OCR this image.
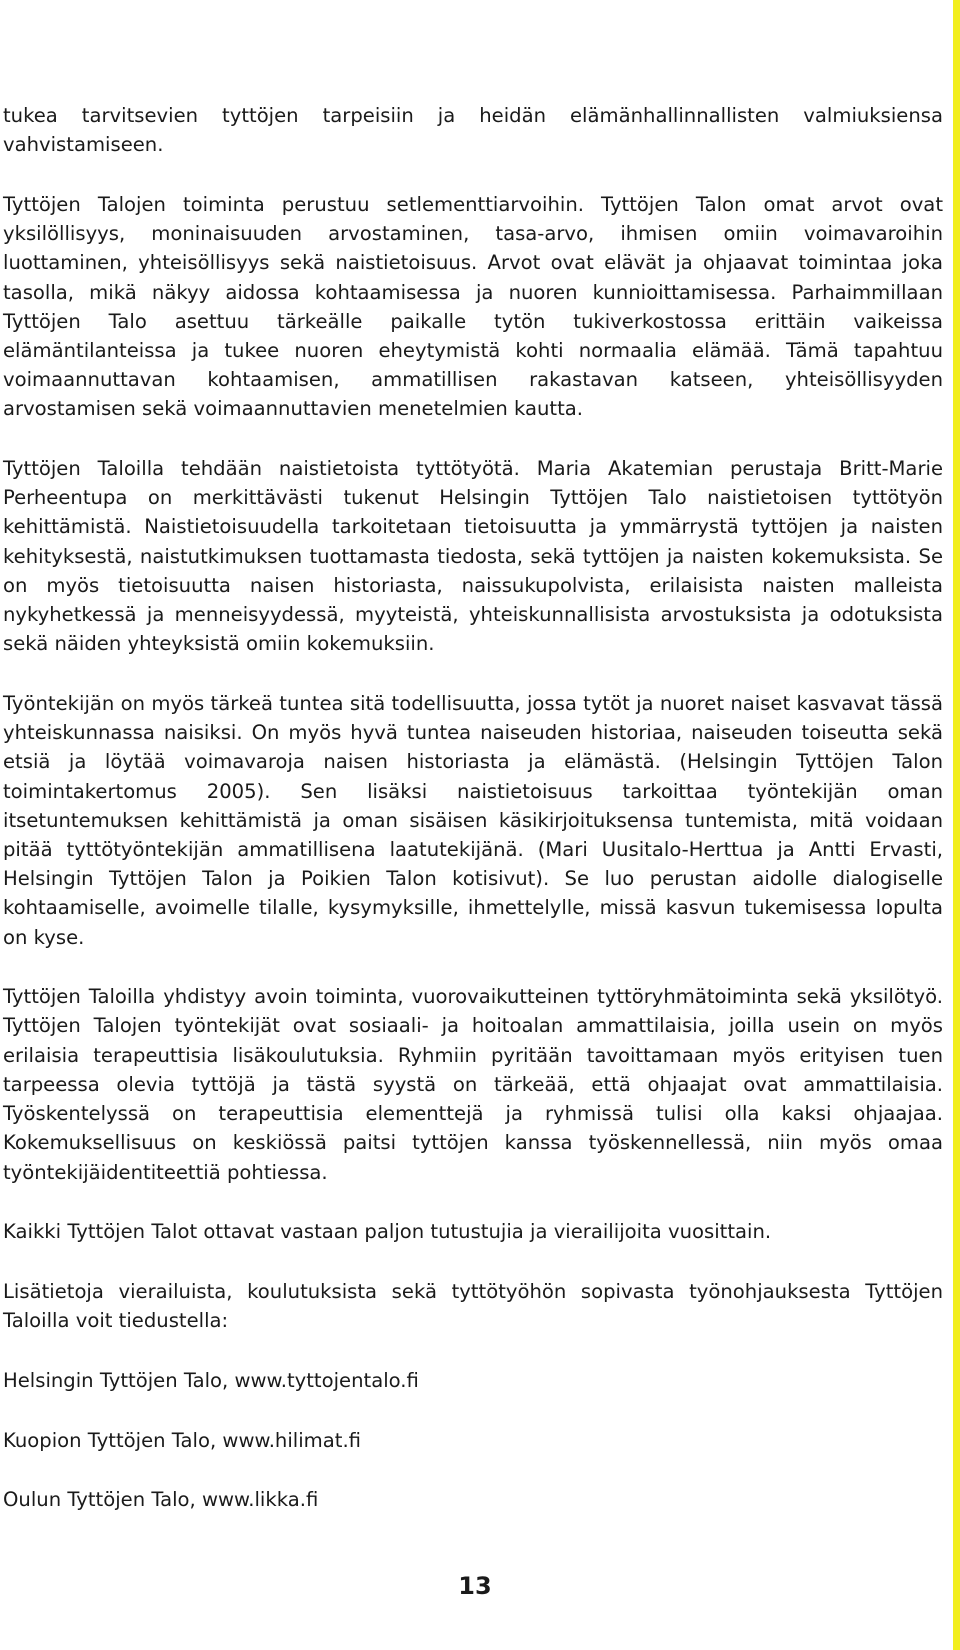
tukea tarvitsevien tyttöjen tarpeisiin ja heidän elämänhallinnallisten valmiuksiensa vahvistamiseen.

Tyttöjen Talojen toiminta perustuu setlementtiarvoihin. Tyttöjen Talon omat arvot ovat yksilöllisyys, moninaisuuden arvostaminen, tasa-arvo, ihmisen omiin voimavaroihin luottaminen, yhteisöllisyys sekä naistietoisuus. Arvot ovat elävät ja ohjaavat toimintaa joka tasolla, mikä näkyy aidossa kohtaamisessa ja nuoren kunnioittamisessa. Parhaimmillaan Tyttöjen Talo asettuu tärkeälle paikalle tytön tukiverkostossa erittäin vaikeissa elämäntilanteissa ja tukee nuoren eheytymistä kohti normaalia elämää. Tämä tapahtuu voimaannuttavan kohtaamisen, ammatillisen rakastavan katseen, yhteisöllisyyden arvostamisen sekä voimaannuttavien menetelmien kautta.

Tyttöjen Taloilla tehdään naistietoista tyttötyötä. Maria Akatemian perustaja Britt-Marie Perheentupa on merkittävästi tukenut Helsingin Tyttöjen Talo naistietoisen tyttötyön kehittämistä. Naistietoisuudella tarkoitetaan tietoisuutta ja ymmärrystä tyttöjen ja naisten kehityksestä, naistutkimuksen tuottamasta tiedosta, sekä tyttöjen ja naisten kokemuksista. Se on myös tietoisuutta naisen historiasta, naissukupolvista, erilaisista naisten malleista nykyhetkessä ja menneisyydessä, myyteistä, yhteiskunnallisista arvostuksista ja odotuksista sekä näiden yhteyksistä omiin kokemuksiin.

Työntekijän on myös tärkeä tuntea sitä todellisuutta, jossa tytöt ja nuoret naiset kasvavat tässä yhteiskunnassa naisiksi. On myös hyvä tuntea naiseuden historiaa, naiseuden toiseutta sekä etsiä ja löytää voimavaroja naisen historiasta ja elämästä. (Helsingin Tyttöjen Talon toimintakertomus 2005). Sen lisäksi naistietoisuus tarkoittaa työntekijän oman itsetuntemuksen kehittämistä ja oman sisäisen käsikirjoituksensa tuntemista, mitä voidaan pitää tyttötyöntekijän ammatillisena laatutekijänä. (Mari Uusitalo-Herttua ja Antti Ervasti, Helsingin Tyttöjen Talon ja Poikien Talon kotisivut). Se luo perustan aidolle dialogiselle kohtaamiselle, avoimelle tilalle, kysymyksille, ihmettelylle, missä kasvun tukemisessa lopulta on kyse.

Tyttöjen Taloilla yhdistyy avoin toiminta, vuorovaikutteinen tyttöryhmätoiminta sekä yksilötyö. Tyttöjen Talojen työntekijät ovat sosiaali- ja hoitoalan ammattilaisia, joilla usein on myös erilaisia terapeuttisia lisäkoulutuksia. Ryhmiin pyritään tavoittamaan myös erityisen tuen tarpeessa olevia tyttöjä ja tästä syystä on tärkeää, että ohjaajat ovat ammattilaisia. Työskentelyssä on terapeuttisia elementtejä ja ryhmissä tulisi olla kaksi ohjaajaa. Kokemuksellisuus on keskiössä paitsi tyttöjen kanssa työskennellessä, niin myös omaa työntekijäidentiteettiä pohtiessa.

Kaikki Tyttöjen Talot ottavat vastaan paljon tutustujia ja vierailijoita vuosittain.

Lisätietoja vierailuista, koulutuksista sekä tyttötyöhön sopivasta työnohjauksesta Tyttöjen Taloilla voit tiedustella:

Helsingin Tyttöjen Talo, www.tyttojentalo.fi

Kuopion Tyttöjen Talo, www.hilimat.fi

Oulun Tyttöjen Talo, www.likka.fi

13
